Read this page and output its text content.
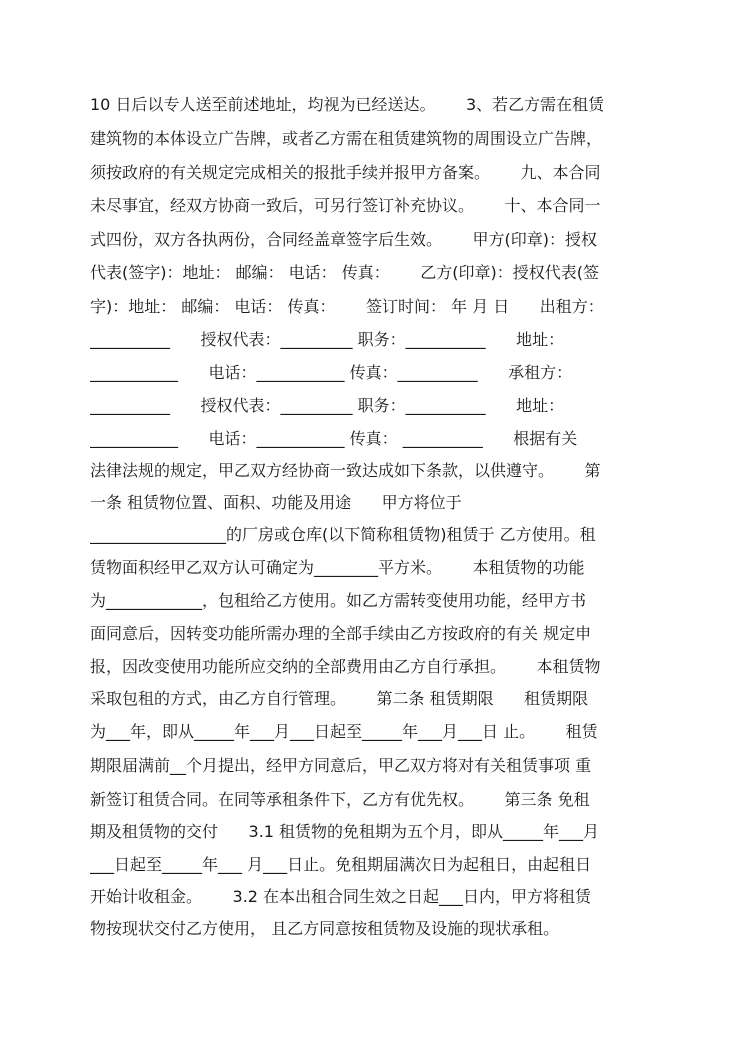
10 日后以专人送至前述地址，均视为已经送达。      3、若乙方需在租赁
建筑物的本体设立广告牌，或者乙方需在租赁建筑物的周围设立广告牌，
须按政府的有关规定完成相关的报批手续并报甲方备案。      九、本合同
未尽事宜，经双方协商一致后，可另行签订补充协议。      十、本合同一
式四份，双方各执两份，合同经盖章签字后生效。      甲方(印章)：授权
代表(签字)：地址： 邮编： 电话： 传真：      乙方(印章)：授权代表(签
字)：地址： 邮编： 电话： 传真：      签订时间： 年 月 日      出租方：
__________      授权代表：_________ 职务：__________      地址：
___________      电话：___________ 传真：__________      承租方：
__________      授权代表：_________ 职务：__________      地址：
___________      电话：___________ 传真： __________      根据有关
法律法规的规定，甲乙双方经协商一致达成如下条款，以供遵守。      第
一条 租赁物位置、面积、功能及用途      甲方将位于
_________________的厂房或仓库(以下简称租赁物)租赁于 乙方使用。租
赁物面积经甲乙双方认可确定为________平方米。      本租赁物的功能
为____________，包租给乙方使用。如乙方需转变使用功能，经甲方书
面同意后，因转变功能所需办理的全部手续由乙方按政府的有关 规定申
报，因改变使用功能所应交纳的全部费用由乙方自行承担。      本租赁物
采取包租的方式，由乙方自行管理。      第二条 租赁期限      租赁期限
为___年，即从_____年___月___日起至_____年___月___日 止。      租赁
期限届满前__个月提出，经甲方同意后，甲乙双方将对有关租赁事项 重
新签订租赁合同。在同等承租条件下，乙方有优先权。      第三条 免租
期及租赁物的交付      3.1 租赁物的免租期为五个月，即从_____年___月
___日起至_____年___ 月___日止。免租期届满次日为起租日，由起租日
开始计收租金。      3.2 在本出租合同生效之日起___日内，甲方将租赁
物按现状交付乙方使用， 且乙方同意按租赁物及设施的现状承租。
